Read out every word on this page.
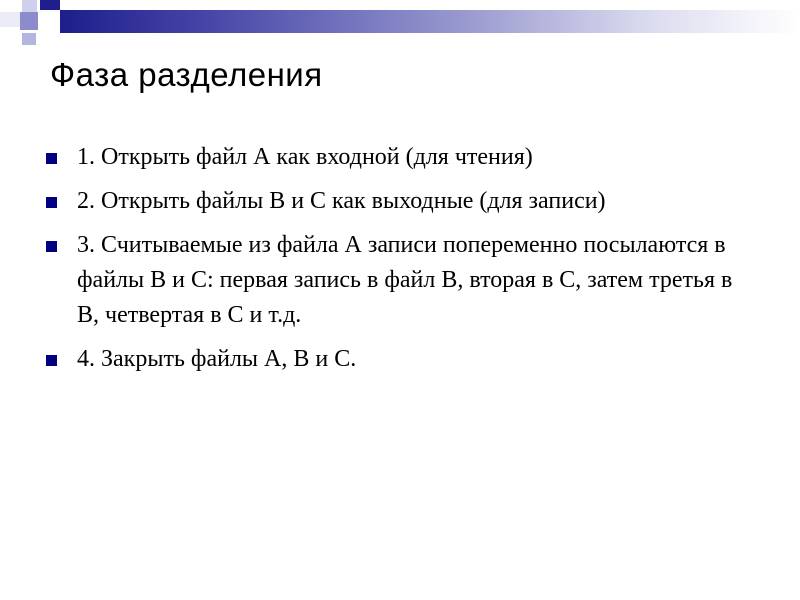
Фаза разделения
1. Открыть файл А как входной (для чтения)
2. Открыть файлы В и С как выходные (для записи)
3. Считываемые из файла А записи попеременно посылаются в файлы В и С: первая запись в файл В, вторая в С, затем третья в В, четвертая в С и т.д.
4. Закрыть файлы А, В и С.
